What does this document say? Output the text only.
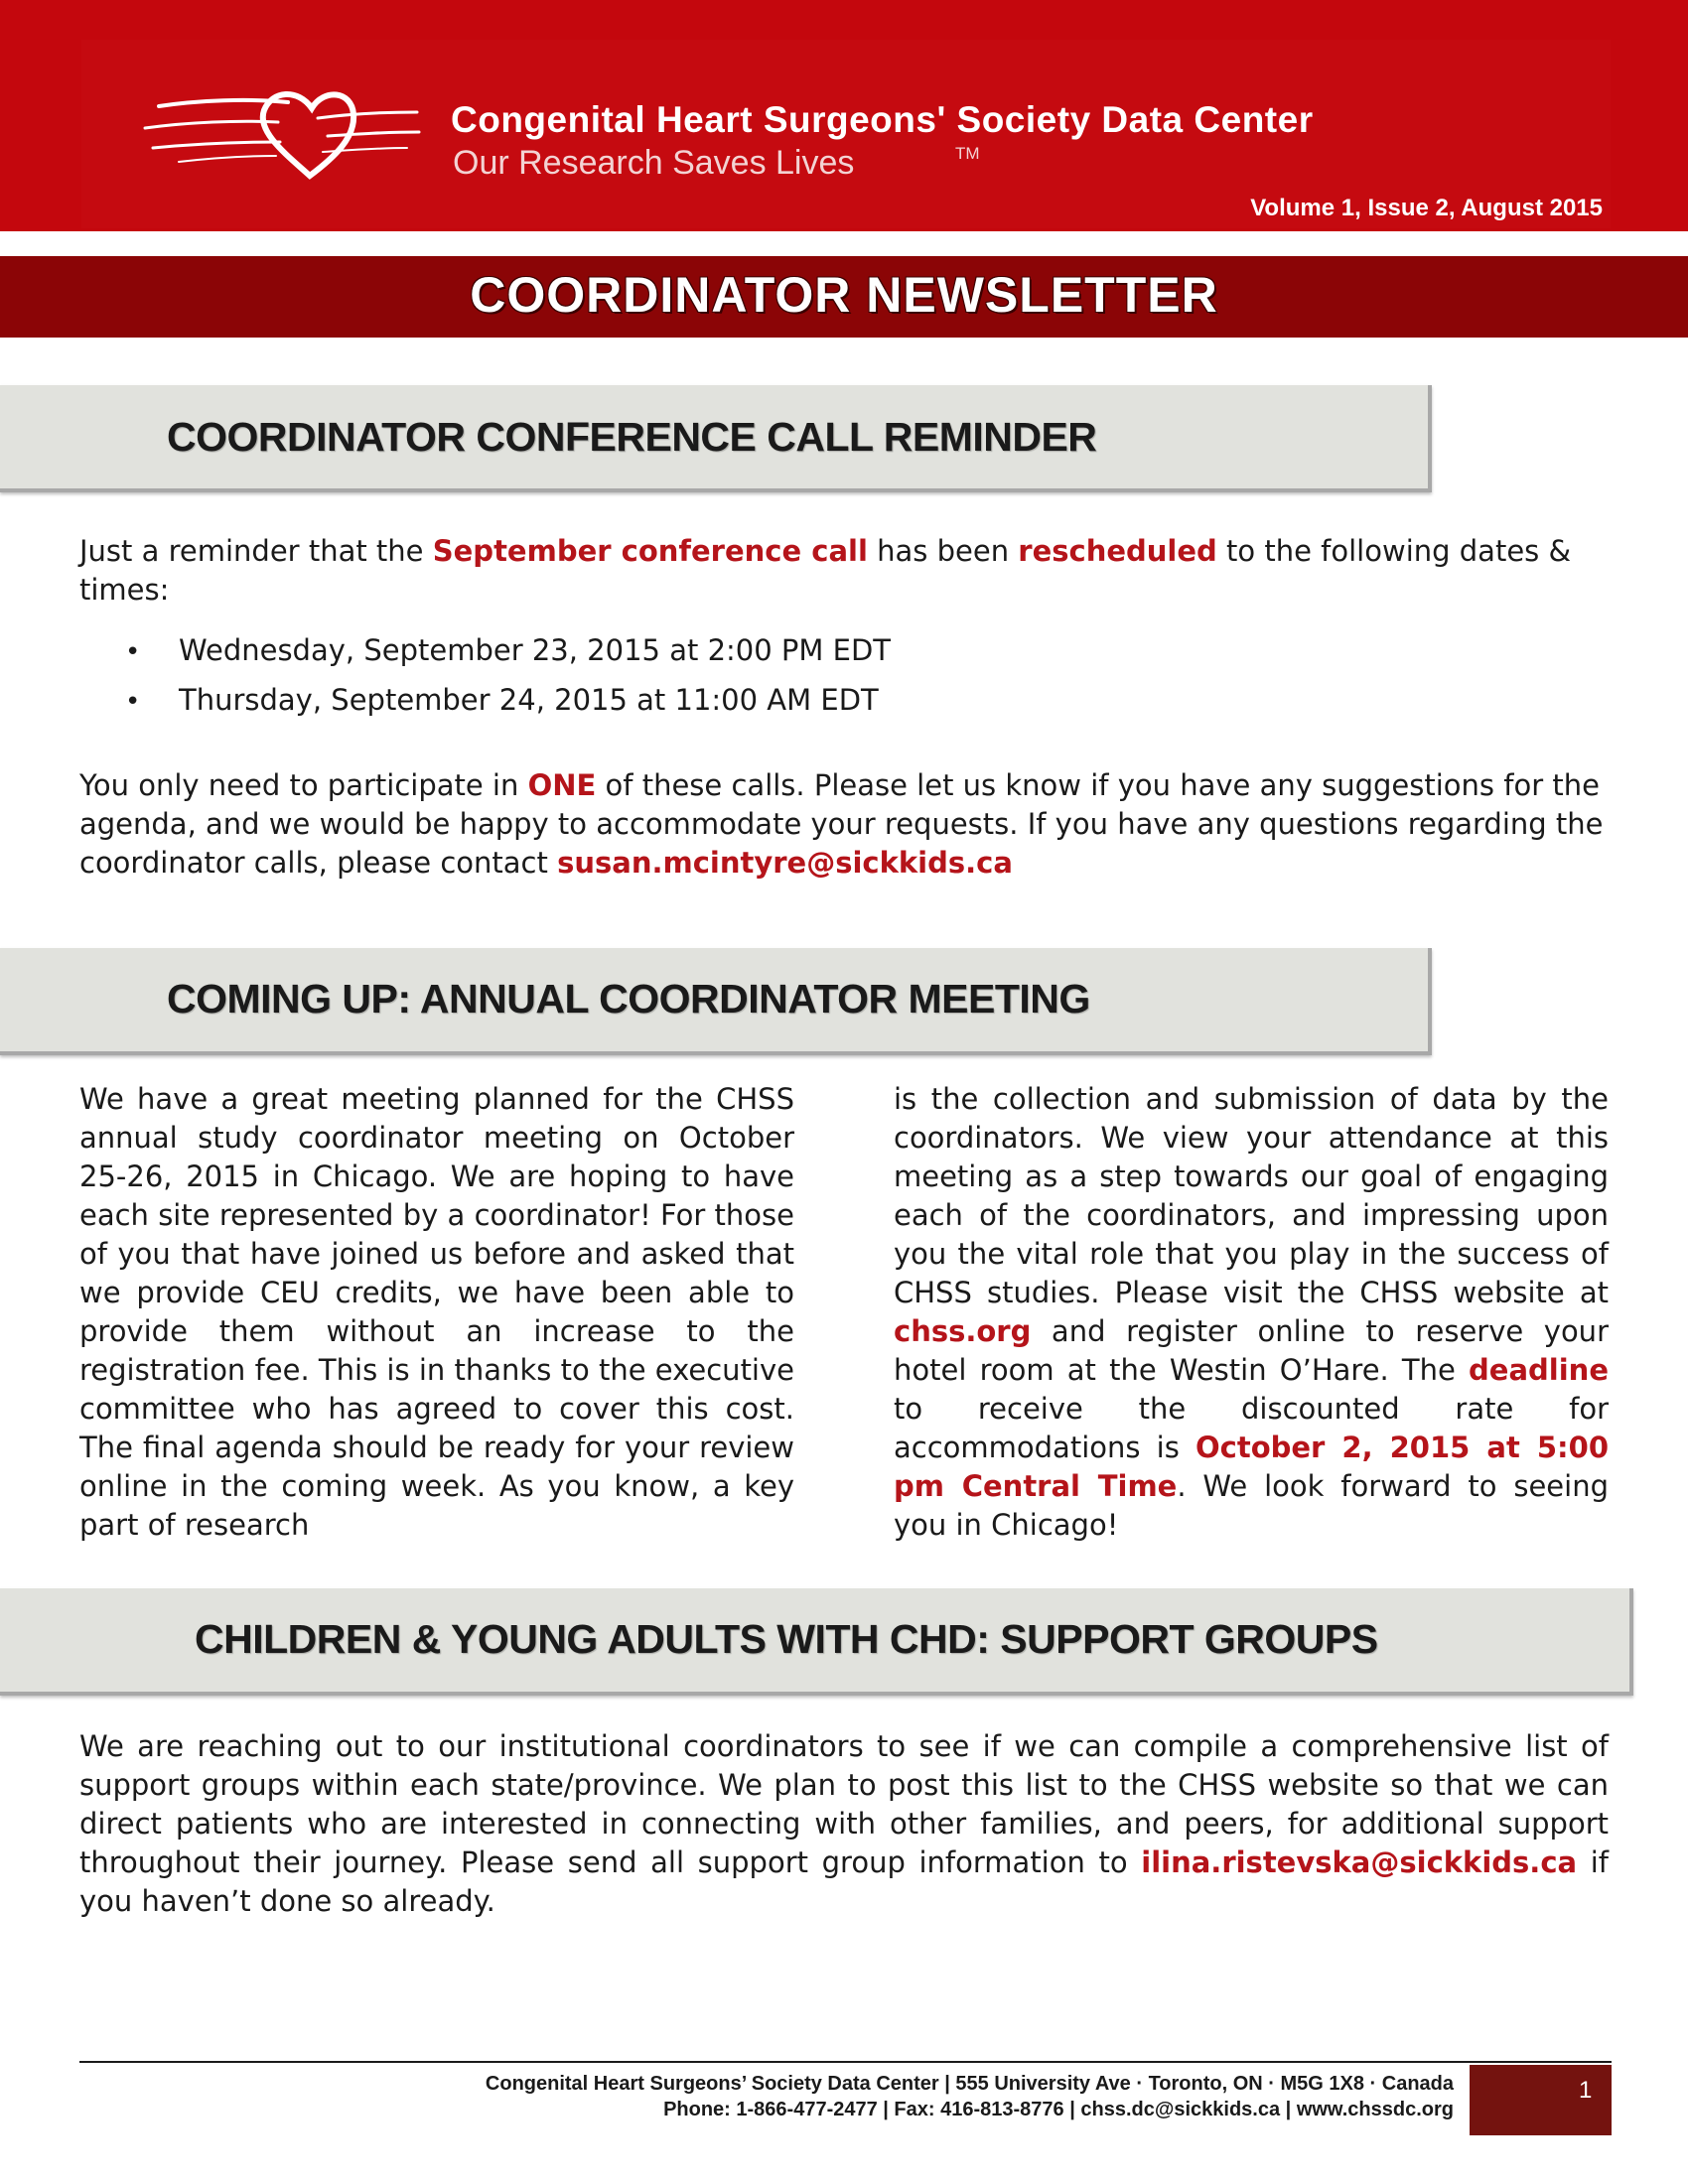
Congenital Heart Surgeons' Society Data Center
Our Research Saves Lives	TM
Volume 1, Issue 2, August 2015
COORDINATOR NEWSLETTER
COORDINATOR CONFERENCE CALL REMINDER
Just a reminder that the September conference call has been rescheduled to the following dates &
times:
• Wednesday, September 23, 2015 at 2:00 PM EDT
• Thursday, September 24, 2015 at 11:00 AM EDT
You only need to participate in ONE of these calls. Please let us know if you have any suggestions for the agenda, and we would be happy to accommodate your requests. If you have any questions regarding the coordinator calls, please contact susan.mcintyre@sickkids.ca
COMING UP: ANNUAL COORDINATOR MEETING
We have a great meeting planned for the CHSS annual study coordinator meeting on October 25-26, 2015 in Chicago. We are hoping to have each site represented by a coordinator! For those of you that have joined us before and asked that we provide CEU credits, we have been able to provide them without an increase to the registration fee. This is in thanks to the executive committee who has agreed to cover this cost. The final agenda should be ready for your review online in the coming week. As you know, a key part of research
is the collection and submission of data by the coordinators. We view your attendance at this meeting as a step towards our goal of engaging each of the coordinators, and impressing upon you the vital role that you play in the success of CHSS studies. Please visit the CHSS website at chss.org and register online to reserve your hotel room at the Westin O’Hare. The deadline to receive the discounted rate for accommodations is October 2, 2015 at 5:00 pm Central Time. We look forward to seeing you in Chicago!
CHILDREN & YOUNG ADULTS WITH CHD: SUPPORT GROUPS
We are reaching out to our institutional coordinators to see if we can compile a comprehensive list of support groups within each state/province. We plan to post this list to the CHSS website so that we can direct patients who are interested in connecting with other families, and peers, for additional support throughout their journey. Please send all support group information to ilina.ristevska@sickkids.ca if you haven’t done so already.
Congenital Heart Surgeons’ Society Data Center | 555 University Ave · Toronto, ON · M5G 1X8 · Canada
Phone: 1-866-477-2477 | Fax: 416-813-8776 | chss.dc@sickkids.ca | www.chssdc.org
1
